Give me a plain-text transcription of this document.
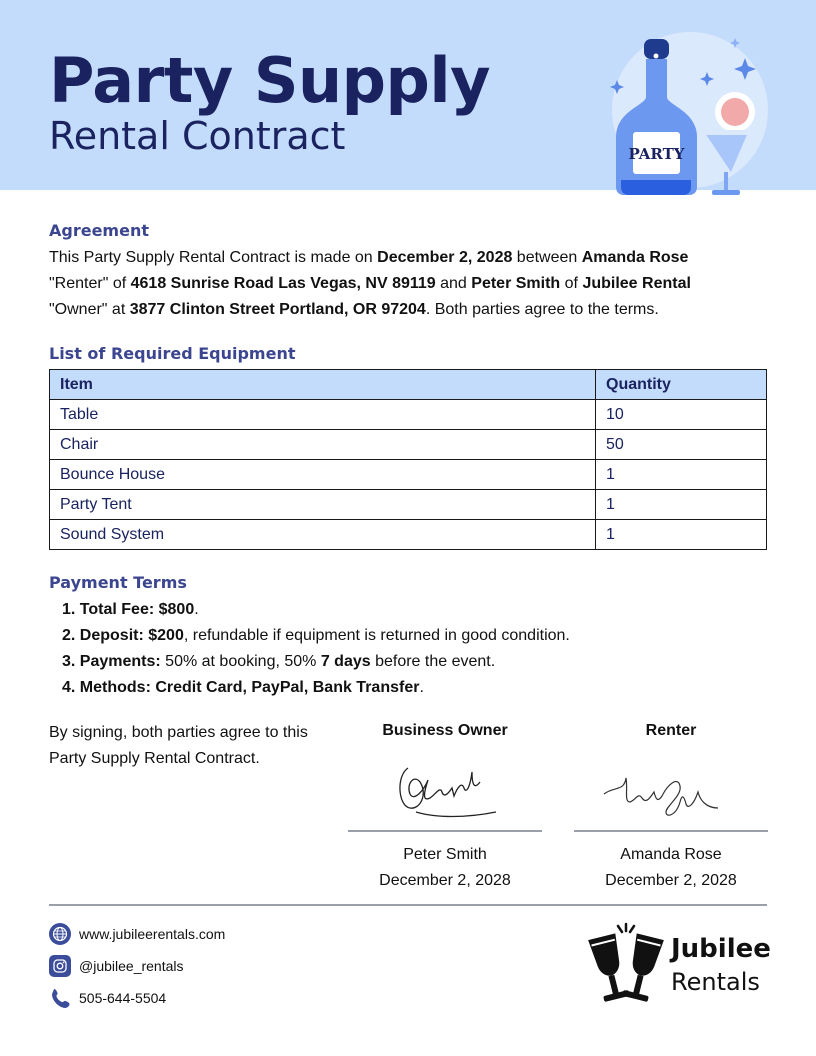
Party Supply
Rental Contract	PARTY
Agreement

This Party Supply Rental Contract is made on December 2, 2028 between Amanda Rose
"Renter" of 4618 Sunrise Road Las Vegas, NV 89119 and Peter Smith of Jubilee Rental
"Owner" at 3877 Clinton Street Portland, OR 97204. Both parties agree to the terms.

List of Required Equipment
Item	Quantity
Table	10
Chair	50
Bounce House	1
Party Tent	1
Sound System	1
Payment Terms
1. Total Fee: $800.
2. Deposit: $200, refundable if equipment is returned in good condition.
3. Payments: 50% at booking, 50% 7 days before the event.
4. Methods: Credit Card, PayPal, Bank Transfer.

By signing, both parties agree to this Party Supply Rental Contract.

Business Owner
Peter Smith
December 2, 2028
Renter
Amanda Rose
December 2, 2028
www.jubileerentals.com
@jubilee_rentals
505-644-5504
Jubilee
Rentals
